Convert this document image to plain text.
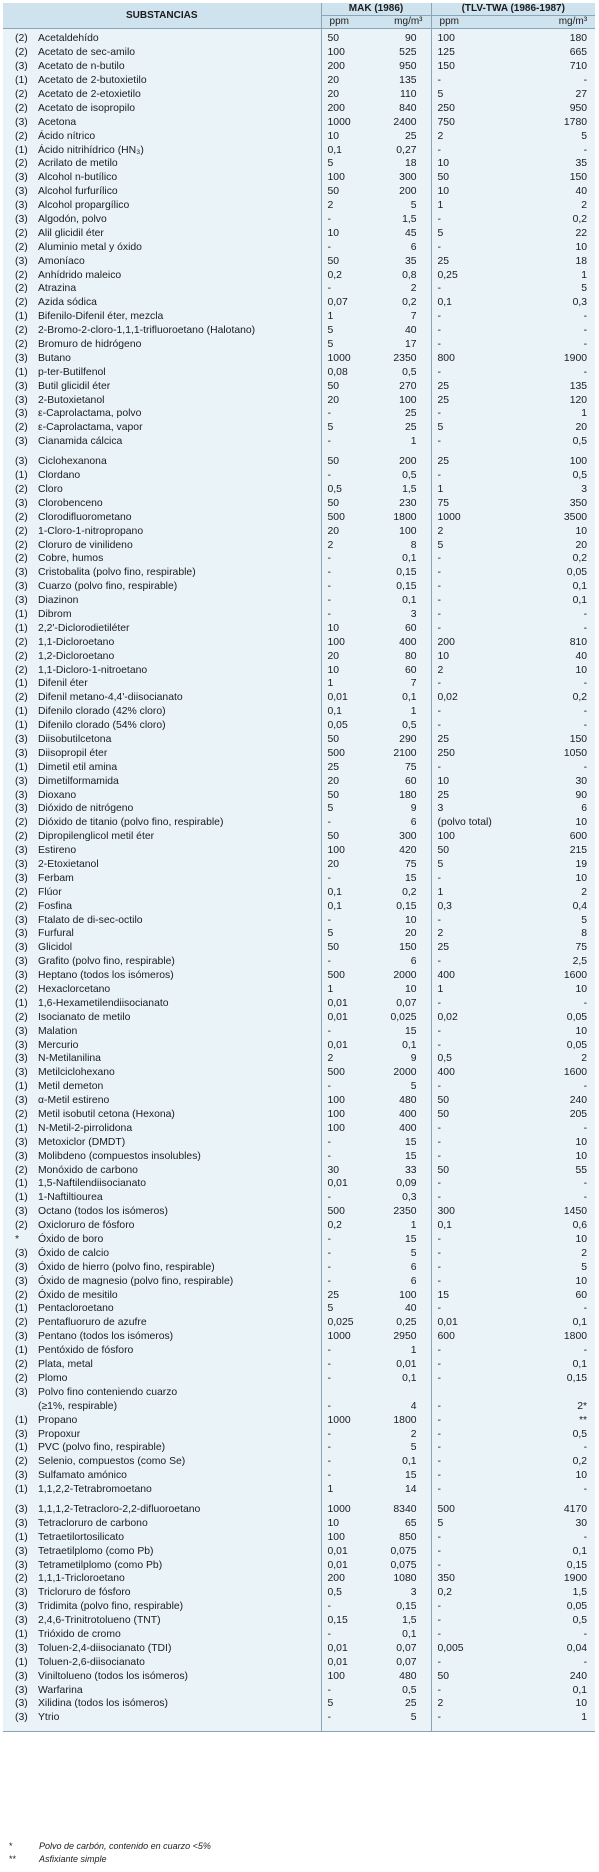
SUBSTANCIAS		MAK (1986)		(TLV-TWA (1986-1987)	
		ppm	mg/m³	ppm	mg/m³
(2)	Acetaldehído	50	90	100	180
(2)	Acetato de sec-amilo	100	525	125	665
(3)	Acetato de n-butilo	200	950	150	710
(1)	Acetato de 2-butoxietilo	20	135	-	-
(2)	Acetato de 2-etoxietilo	20	110	5	27
(2)	Acetato de isopropilo	200	840	250	950
(3)	Acetona	1000	2400	750	1780
(2)	Ácido nítrico	10	25	2	5
(1)	Ácido nitrihídrico (HN₃)	0,1	0,27	-	-
(2)	Acrilato de metilo	5	18	10	35
(3)	Alcohol n-butílico	100	300	50	150
(3)	Alcohol furfurílico	50	200	10	40
(3)	Alcohol propargílico	2	5	1	2
(3)	Algodón, polvo	-	1,5	-	0,2
(2)	Alil glicidil éter	10	45	5	22
(2)	Aluminio metal y óxido	-	6	-	10
(3)	Amoníaco	50	35	25	18
(2)	Anhídrido maleico	0,2	0,8	0,25	1
(2)	Atrazina	-	2	-	5
(2)	Azida sódica	0,07	0,2	0,1	0,3
(1)	Bifenilo-Difenil éter, mezcla	1	7	-	-
(2)	2-Bromo-2-cloro-1,1,1-trifluoroetano (Halotano)	5	40	-	-
(2)	Bromuro de hidrógeno	5	17	-	-
(3)	Butano	1000	2350	800	1900
(1)	p-ter-Butilfenol	0,08	0,5	-	-
(3)	Butil glicidil éter	50	270	25	135
(3)	2-Butoxietanol	20	100	25	120
(3)	ε-Caprolactama, polvo	-	25	-	1
(2)	ε-Caprolactama, vapor	5	25	5	20
(3)	Cianamida cálcica	-	1	-	0,5
(3)	Ciclohexanona	50	200	25	100
(1)	Clordano	-	0,5	-	0,5
(2)	Cloro	0,5	1,5	1	3
(3)	Clorobenceno	50	230	75	350
(2)	Clorodifluorometano	500	1800	1000	3500
(2)	1-Cloro-1-nitropropano	20	100	2	10
(2)	Cloruro de vinilideno	2	8	5	20
(2)	Cobre, humos	-	0,1	-	0,2
(3)	Cristobalita (polvo fino, respirable)	-	0,15	-	0,05
(3)	Cuarzo (polvo fino, respirable)	-	0,15	-	0,1
(3)	Diazinon	-	0,1	-	0,1
(1)	Dibrom	-	3	-	-
(1)	2,2'-Diclorodietiléter	10	60	-	-
(2)	1,1-Dicloroetano	100	400	200	810
(2)	1,2-Dicloroetano	20	80	10	40
(2)	1,1-Dicloro-1-nitroetano	10	60	2	10
(1)	Difenil éter	1	7	-	-
(2)	Difenil metano-4,4'-diisocianato	0,01	0,1	0,02	0,2
(1)	Difenilo clorado (42% cloro)	0,1	1	-	-
(1)	Difenilo clorado (54% cloro)	0,05	0,5	-	-
(3)	Diisobutilcetona	50	290	25	150
(3)	Diisopropil éter	500	2100	250	1050
(1)	Dimetil etil amina	25	75	-	-
(3)	Dimetilformamida	20	60	10	30
(3)	Dioxano	50	180	25	90
(3)	Dióxido de nitrógeno	5	9	3	6
(2)	Dióxido de titanio (polvo fino, respirable)	-	6	(polvo total)	10
(2)	Dipropilenglicol metil éter	50	300	100	600
(3)	Estireno	100	420	50	215
(3)	2-Etoxietanol	20	75	5	19
(3)	Ferbam	-	15	-	10
(2)	Flúor	0,1	0,2	1	2
(2)	Fosfina	0,1	0,15	0,3	0,4
(3)	Ftalato de di-sec-octilo	-	10	-	5
(3)	Furfural	5	20	2	8
(3)	Glicidol	50	150	25	75
(3)	Grafito (polvo fino, respirable)	-	6	-	2,5
(3)	Heptano (todos los isómeros)	500	2000	400	1600
(2)	Hexaclorcetano	1	10	1	10
(1)	1,6-Hexametilendiisocianato	0,01	0,07	-	-
(2)	Isocianato de metilo	0,01	0,025	0,02	0,05
(3)	Malation	-	15	-	10
(3)	Mercurio	0,01	0,1	-	0,05
(3)	N-Metilanilina	2	9	0,5	2
(3)	Metilciclohexano	500	2000	400	1600
(1)	Metil demeton	-	5	-	-
(3)	α-Metil estireno	100	480	50	240
(2)	Metil isobutil cetona (Hexona)	100	400	50	205
(1)	N-Metil-2-pirrolidona	100	400	-	-
(3)	Metoxiclor (DMDT)	-	15	-	10
(3)	Molibdeno (compuestos insolubles)	-	15	-	10
(2)	Monóxido de carbono	30	33	50	55
(1)	1,5-Naftilendiisocianato	0,01	0,09	-	-
(1)	1-Naftiltiourea	-	0,3	-	-
(3)	Octano (todos los isómeros)	500	2350	300	1450
(2)	Oxicloruro de fósforo	0,2	1	0,1	0,6
*	Óxido de boro	-	15	-	10
(3)	Óxido de calcio	-	5	-	2
(3)	Óxido de hierro (polvo fino, respirable)	-	6	-	5
(3)	Óxido de magnesio (polvo fino, respirable)	-	6	-	10
(2)	Óxido de mesitilo	25	100	15	60
(1)	Pentacloroetano	5	40	-	-
(2)	Pentafluoruro de azufre	0,025	0,25	0,01	0,1
(3)	Pentano (todos los isómeros)	1000	2950	600	1800
(1)	Pentóxido de fósforo	-	1	-	-
(2)	Plata, metal	-	0,01	-	0,1
(2)	Plomo	-	0,1	-	0,15
(3)	Polvo fino conteniendo cuarzo				
	(≥1%, respirable)	-	4	-	2*
(1)	Propano	1000	1800	-	**
(3)	Propoxur	-	2	-	0,5
(1)	PVC (polvo fino, respirable)	-	5	-	-
(2)	Selenio, compuestos (como Se)	-	0,1	-	0,2
(3)	Sulfamato amónico	-	15	-	10
(1)	1,1,2,2-Tetrabromoetano	1	14	-	-
(3)	1,1,1,2-Tetracloro-2,2-difluoroetano	1000	8340	500	4170
(3)	Tetracloruro de carbono	10	65	5	30
(1)	Tetraetilortosilicato	100	850	-	-
(3)	Tetraetilplomo (como Pb)	0,01	0,075	-	0,1
(3)	Tetrametilplomo (como Pb)	0,01	0,075	-	0,15
(2)	1,1,1-Tricloroetano	200	1080	350	1900
(3)	Tricloruro de fósforo	0,5	3	0,2	1,5
(3)	Tridimita (polvo fino, respirable)	-	0,15	-	0,05
(3)	2,4,6-Trinitrotolueno (TNT)	0,15	1,5	-	0,5
(1)	Trióxido de cromo	-	0,1	-	-
(3)	Toluen-2,4-diisocianato (TDI)	0,01	0,07	0,005	0,04
(1)	Toluen-2,6-diisocianato	0,01	0,07	-	-
(3)	Viniltolueno (todos los isómeros)	100	480	50	240
(3)	Warfarina	-	0,5	-	0,1
(3)	Xilidina (todos los isómeros)	5	25	2	10
(3)	Ytrio	-	5	-	1
*	Polvo de carbón, contenido en cuarzo <5%
**	Asfixiante simple
